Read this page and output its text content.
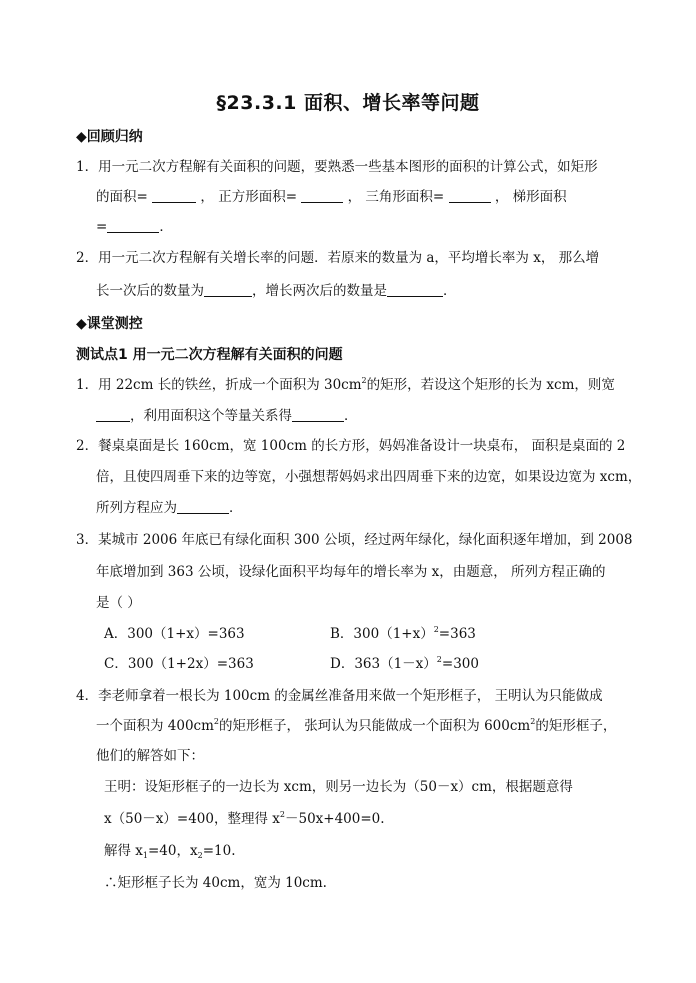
§23.3.1 面积、增长率等问题
◆回顾归纳
1．用一元二次方程解有关面积的问题，要熟悉一些基本图形的面积的计算公式，如矩形
的面积=	， 正方形面积=	， 三角形面积=	， 梯形面积
=	．
2．用一元二次方程解有关增长率的问题．若原来的数量为 a，平均增长率为 x， 那么增
长一次后的数量为	，增长两次后的数量是	．
◆课堂测控
测试点1 用一元二次方程解有关面积的问题
1．用 22cm 长的铁丝，折成一个面积为 $30cm^2$的矩形，若设这个矩形的长为 xcm，则宽
，利用面积这个等量关系得	．
2．餐桌桌面是长 160cm，宽 100cm 的长方形，妈妈准备设计一块桌布， 面积是桌面的 2
倍，且使四周垂下来的边等宽，小强想帮妈妈求出四周垂下来的边宽，如果设边宽为 xcm，
所列方程应为	．
3．某城市 2006 年底已有绿化面积 300 公顷，经过两年绿化，绿化面积逐年增加，到 2008
年底增加到 363 公顷，设绿化面积平均每年的增长率为 x，由题意， 所列方程正确的
是（ ）
A．300（1+x）=363	B．$300(1+x)^2=363$
C．300（1+2x）=363	D．$363(1-x)^2=300$
4．李老师拿着一根长为 100cm 的金属丝准备用来做一个矩形框子， 王明认为只能做成
一个面积为 $400cm^2$的矩形框子， 张珂认为只能做成一个面积为 $600cm^2$的矩形框子，
他们的解答如下：
王明：设矩形框子的一边长为 xcm，则另一边长为（50－x）cm，根据题意得
x（50－x）=400，整理得 $x^2-50x+400=0$.
解得 $x_1=40$，$x_2=10$.
∴矩形框子长为 40cm，宽为 10cm.
